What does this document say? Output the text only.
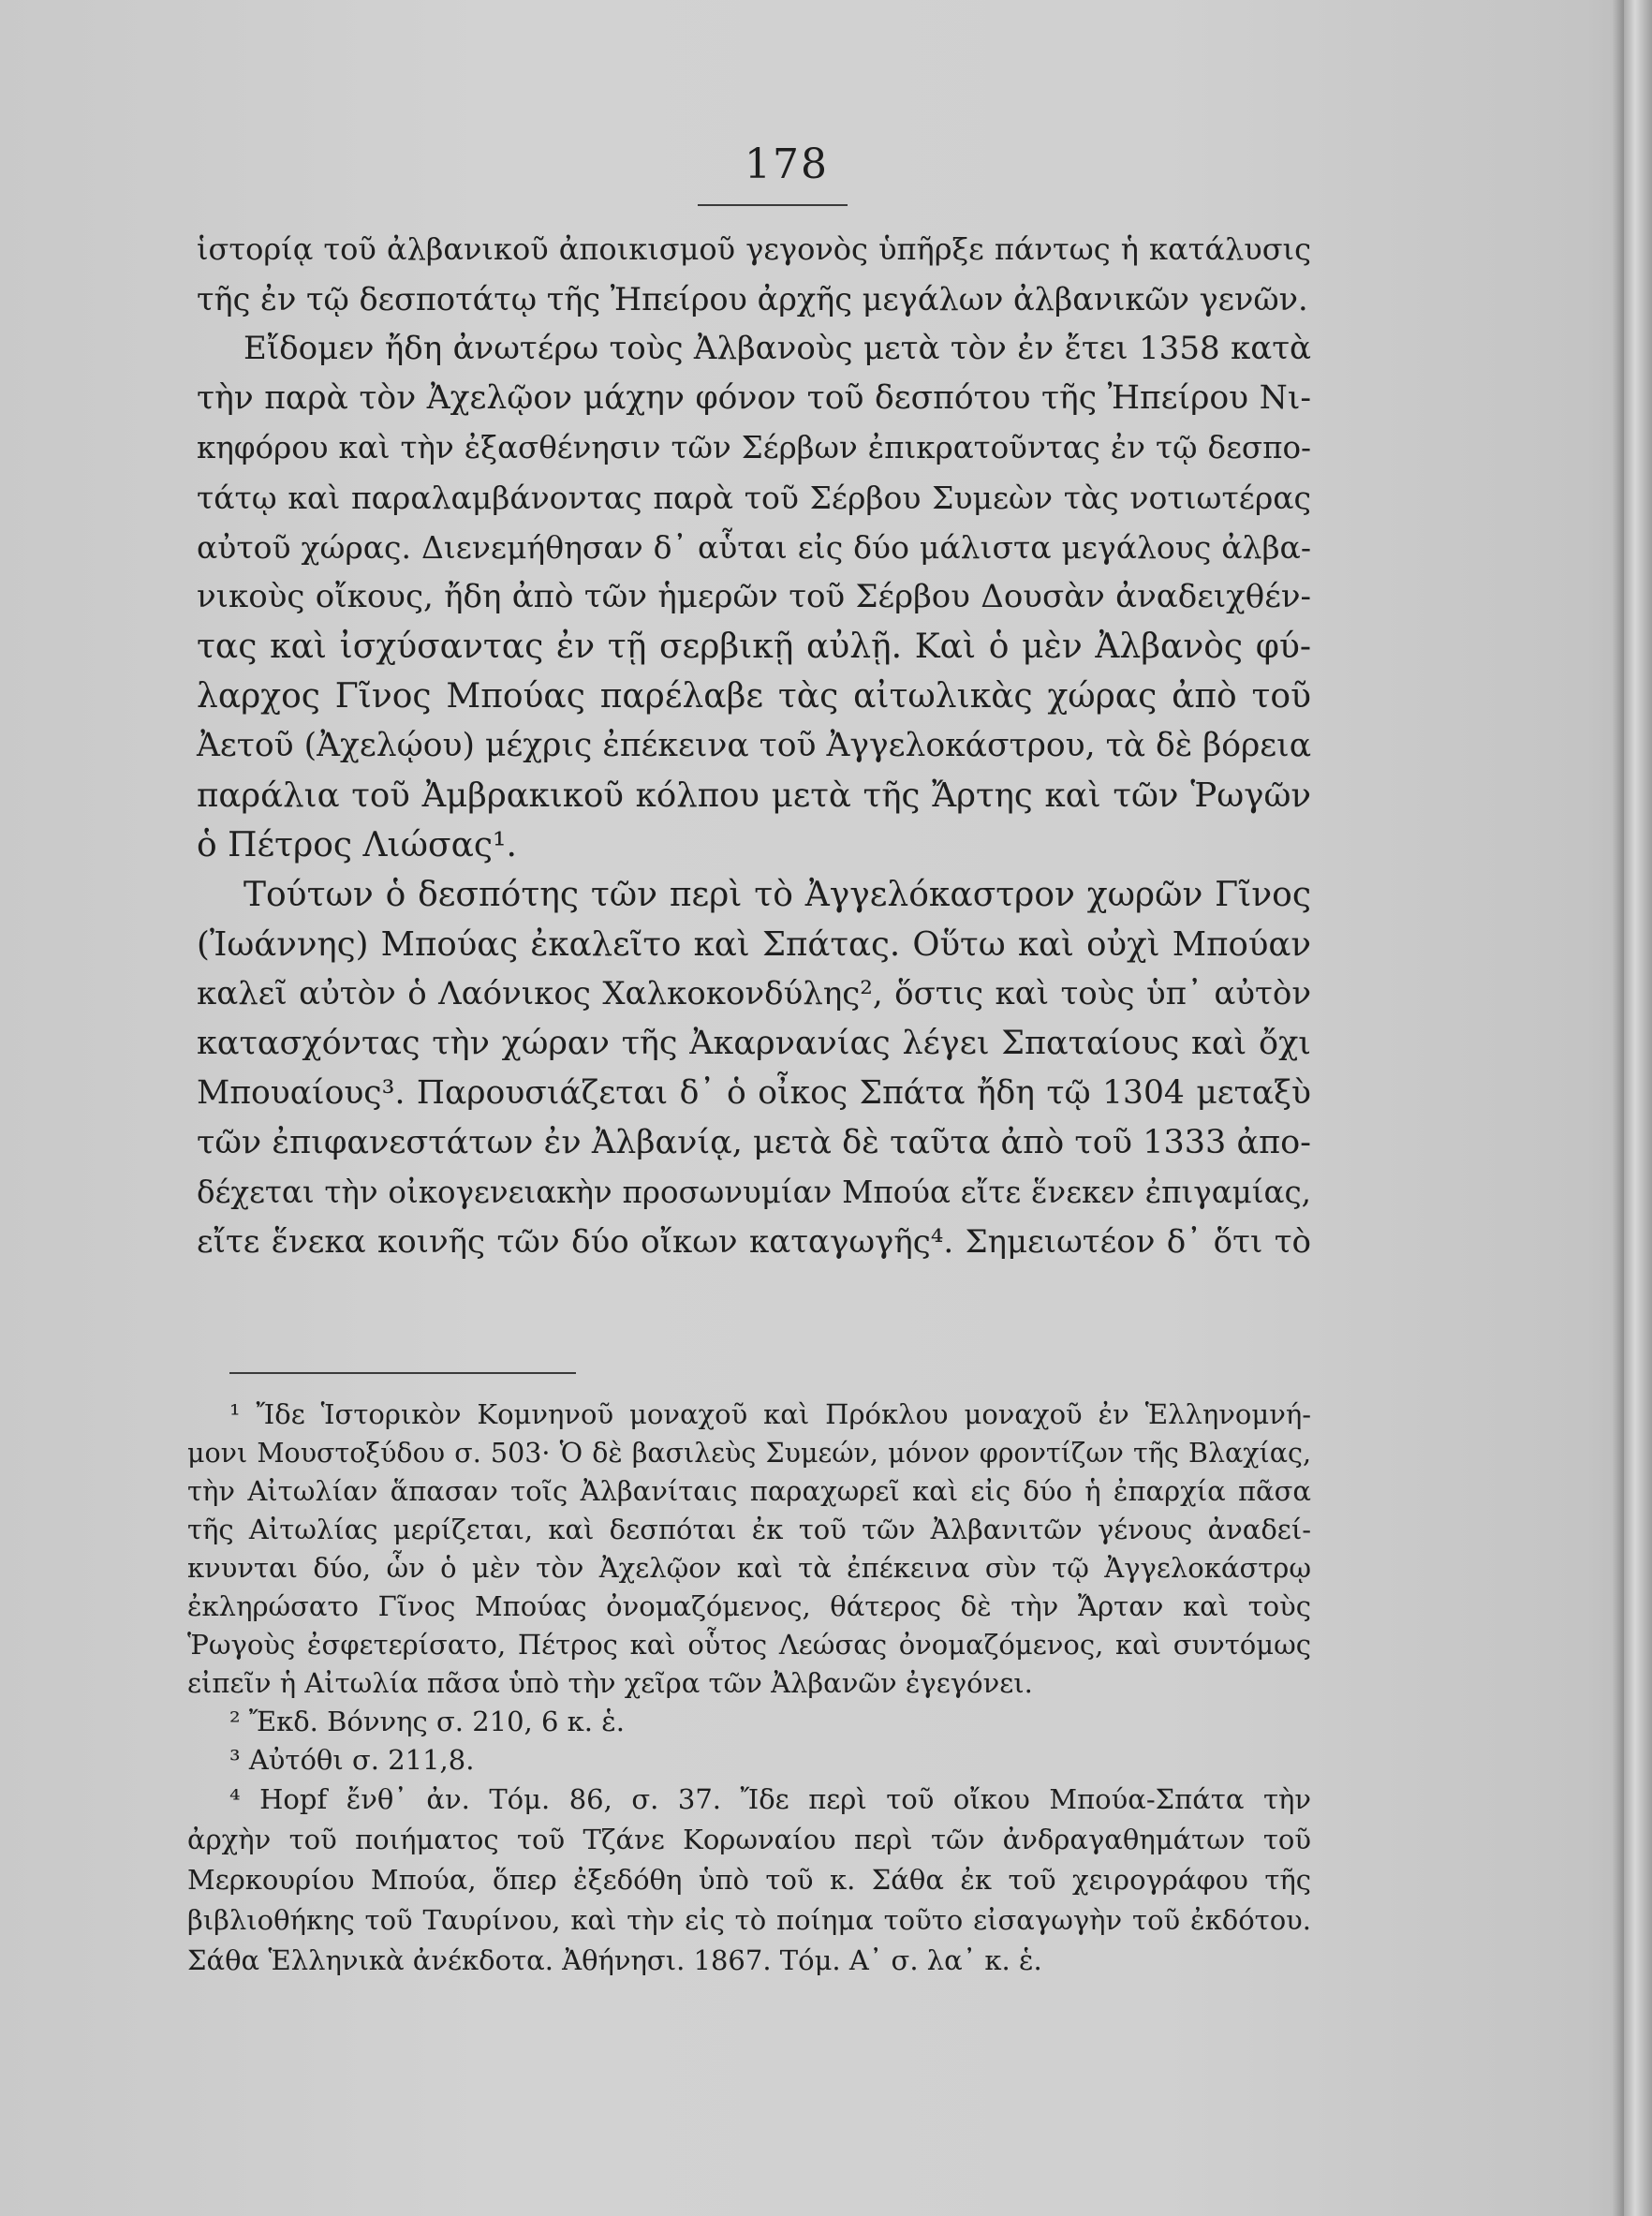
178
ἱστορίᾳ τοῦ ἀλβανικοῦ ἀποικισμοῦ γεγονὸς ὑπῆρξε πάντως ἡ κατάλυσις
τῆς ἐν τῷ δεσποτάτῳ τῆς Ἠπείρου ἀρχῆς μεγάλων ἀλβανικῶν γενῶν.
Εἴδομεν ἤδη ἀνωτέρω τοὺς Ἀλβανοὺς μετὰ τὸν ἐν ἔτει 1358 κατὰ
τὴν παρὰ τὸν Ἀχελῷον μάχην φόνον τοῦ δεσπότου τῆς Ἠπείρου Νι-
κηφόρου καὶ τὴν ἐξασθένησιν τῶν Σέρβων ἐπικρατοῦντας ἐν τῷ δεσπο-
τάτῳ καὶ παραλαμβάνοντας παρὰ τοῦ Σέρβου Συμεὼν τὰς νοτιωτέρας
αὐτοῦ χώρας. Διενεμήθησαν δ᾽ αὗται εἰς δύο μάλιστα μεγάλους ἀλβα-
νικοὺς οἴκους, ἤδη ἀπὸ τῶν ἡμερῶν τοῦ Σέρβου Δουσὰν ἀναδειχθέν-
τας καὶ ἰσχύσαντας ἐν τῇ σερβικῇ αὐλῇ. Καὶ ὁ μὲν Ἀλβανὸς φύ-
λαρχος Γῖνος Μπούας παρέλαβε τὰς αἰτωλικὰς χώρας ἀπὸ τοῦ
Ἀετοῦ (Ἀχελῴου) μέχρις ἐπέκεινα τοῦ Ἀγγελοκάστρου, τὰ δὲ βόρεια
παράλια τοῦ Ἀμβρακικοῦ κόλπου μετὰ τῆς Ἄρτης καὶ τῶν Ῥωγῶν
ὁ Πέτρος Λιώσας¹.
Τούτων ὁ δεσπότης τῶν περὶ τὸ Ἀγγελόκαστρον χωρῶν Γῖνος
(Ἰωάννης) Μπούας ἐκαλεῖτο καὶ Σπάτας. Οὕτω καὶ οὐχὶ Μπούαν
καλεῖ αὐτὸν ὁ Λαόνικος Χαλκοκονδύλης², ὅστις καὶ τοὺς ὑπ᾽ αὐτὸν
κατασχόντας τὴν χώραν τῆς Ἀκαρνανίας λέγει Σπαταίους καὶ ὄχι
Μπουαίους³. Παρουσιάζεται δ᾽ ὁ οἶκος Σπάτα ἤδη τῷ 1304 μεταξὺ
τῶν ἐπιφανεστάτων ἐν Ἀλβανίᾳ, μετὰ δὲ ταῦτα ἀπὸ τοῦ 1333 ἀπο-
δέχεται τὴν οἰκογενειακὴν προσωνυμίαν Μπούα εἴτε ἕνεκεν ἐπιγαμίας,
εἴτε ἕνεκα κοινῆς τῶν δύο οἴκων καταγωγῆς⁴. Σημειωτέον δ᾽ ὅτι τὸ
¹ Ἴδε Ἱστορικὸν Κομνηνοῦ μοναχοῦ καὶ Πρόκλου μοναχοῦ ἐν Ἑλληνομνή-
μονι Μουστοξύδου σ. 503· Ὁ δὲ βασιλεὺς Συμεών, μόνον φροντίζων τῆς Βλαχίας,
τὴν Αἰτωλίαν ἅπασαν τοῖς Ἀλβανίταις παραχωρεῖ καὶ εἰς δύο ἡ ἐπαρχία πᾶσα
τῆς Αἰτωλίας μερίζεται, καὶ δεσπόται ἐκ τοῦ τῶν Ἀλβανιτῶν γένους ἀναδεί-
κνυνται δύο, ὧν ὁ μὲν τὸν Ἀχελῷον καὶ τὰ ἐπέκεινα σὺν τῷ Ἀγγελοκάστρῳ
ἐκληρώσατο Γῖνος Μπούας ὀνομαζόμενος, θάτερος δὲ τὴν Ἄρταν καὶ τοὺς
Ῥωγοὺς ἐσφετερίσατο, Πέτρος καὶ οὗτος Λεώσας ὀνομαζόμενος, καὶ συντόμως
εἰπεῖν ἡ Αἰτωλία πᾶσα ὑπὸ τὴν χεῖρα τῶν Ἀλβανῶν ἐγεγόνει.
² Ἔκδ. Βόννης σ. 210, 6 κ. ἑ.
³ Αὐτόθι σ. 211,8.
⁴ Hopf ἔνθ᾽ ἀν. Τόμ. 86, σ. 37. Ἴδε περὶ τοῦ οἴκου Μπούα-Σπάτα τὴν
ἀρχὴν τοῦ ποιήματος τοῦ Τζάνε Κορωναίου περὶ τῶν ἀνδραγαθημάτων τοῦ
Μερκουρίου Μπούα, ὅπερ ἐξεδόθη ὑπὸ τοῦ κ. Σάθα ἐκ τοῦ χειρογράφου τῆς
βιβλιοθήκης τοῦ Ταυρίνου, καὶ τὴν εἰς τὸ ποίημα τοῦτο εἰσαγωγὴν τοῦ ἐκδότου.
Σάθα Ἑλληνικὰ ἀνέκδοτα. Ἀθήνησι. 1867. Τόμ. Α᾽ σ. λα᾽ κ. ἑ.
